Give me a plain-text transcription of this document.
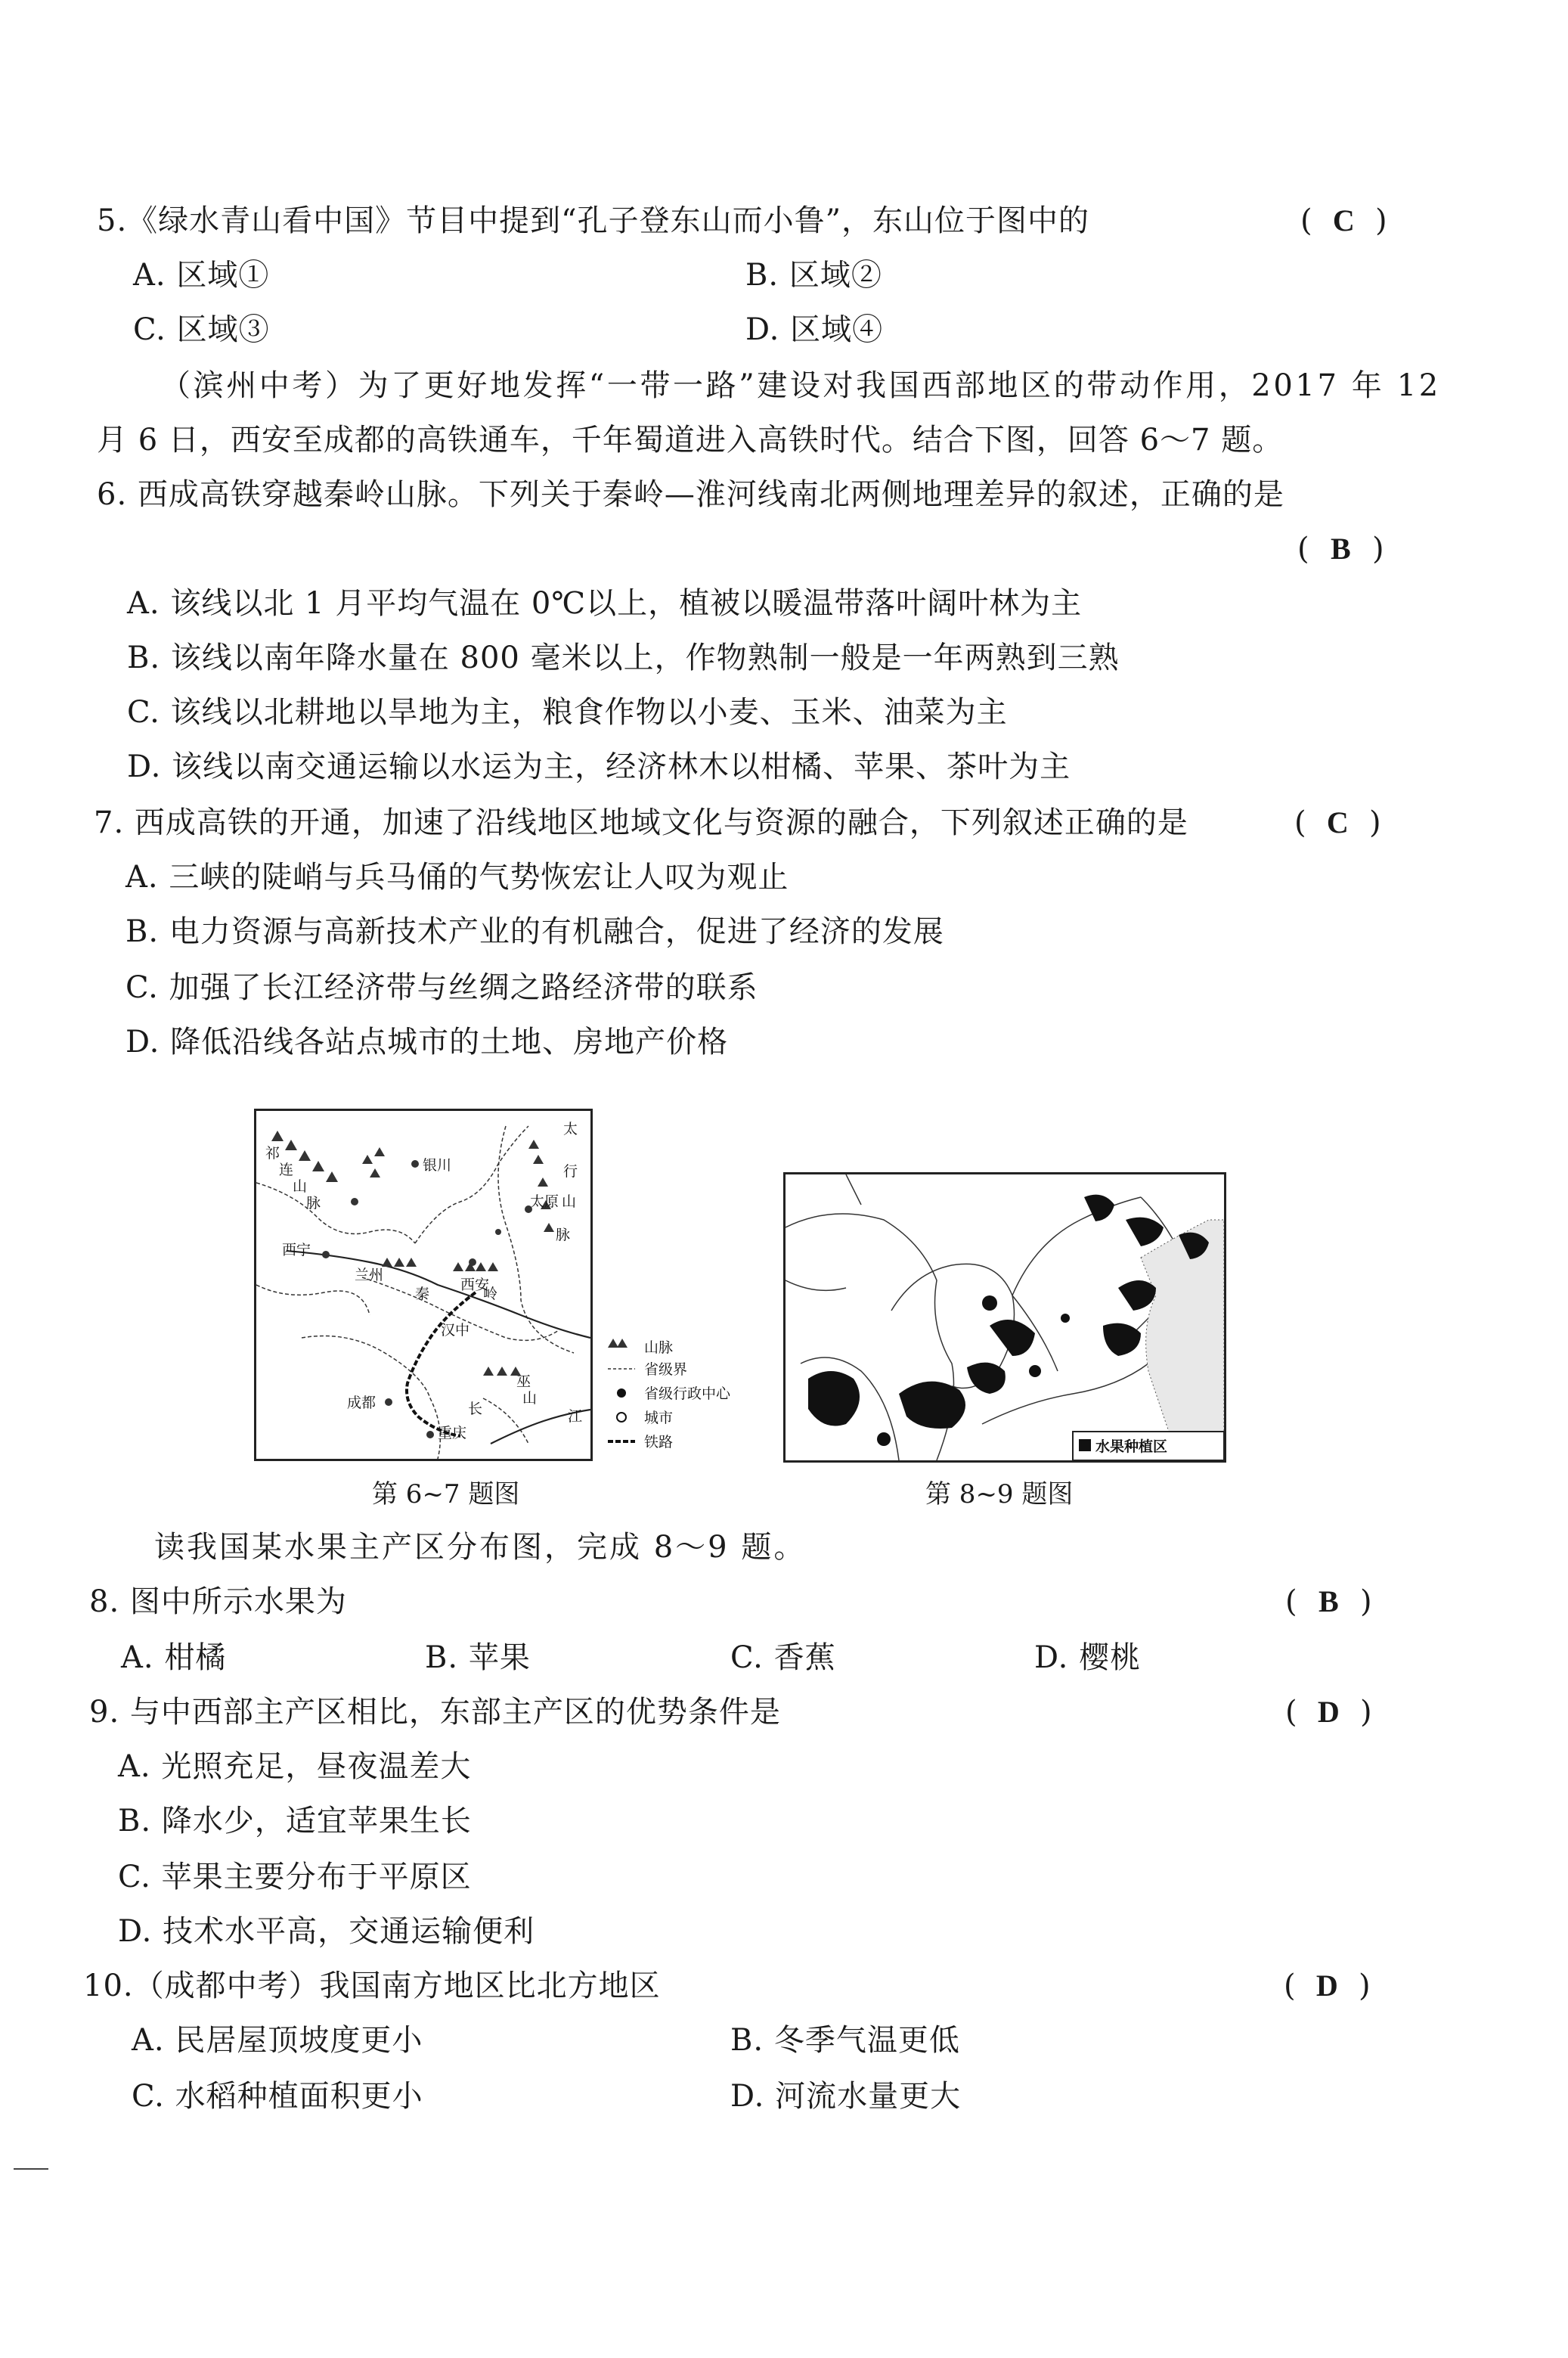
5.《绿水青山看中国》节目中提到“孔子登东山而小鲁”，东山位于图中的	( C )
A. 区域①	B. 区域②
C. 区域③	D. 区域④
（滨州中考）为了更好地发挥“一带一路”建设对我国西部地区的带动作用，2017 年 12
月 6 日，西安至成都的高铁通车，千年蜀道进入高铁时代。结合下图，回答 6～7 题。
6. 西成高铁穿越秦岭山脉。下列关于秦岭—淮河线南北两侧地理差异的叙述，正确的是
( B )
A. 该线以北 1 月平均气温在 0℃以上，植被以暖温带落叶阔叶林为主
B. 该线以南年降水量在 800 毫米以上，作物熟制一般是一年两熟到三熟
C. 该线以北耕地以旱地为主，粮食作物以小麦、玉米、油菜为主
D. 该线以南交通运输以水运为主，经济林木以柑橘、苹果、茶叶为主
7. 西成高铁的开通，加速了沿线地区地域文化与资源的融合，下列叙述正确的是	( C )
A. 三峡的陡峭与兵马俑的气势恢宏让人叹为观止
B. 电力资源与高新技术产业的有机融合，促进了经济的发展
C. 加强了长江经济带与丝绸之路经济带的联系
D. 降低沿线各站点城市的土地、房地产价格
祁
连
山
脉
太
行
山
脉
银川
太原
西宁
兰州
秦	岭
西安
汉中
成都
重庆
巫
山
长	江
山脉
省级界
省级行政中心
城市
铁路	水果种植区
第 6~7 题图	第 8~9 题图
读我国某水果主产区分布图，完成 8～9 题。
8. 图中所示水果为	( B )
A. 柑橘	B. 苹果	C. 香蕉	D. 樱桃
9. 与中西部主产区相比，东部主产区的优势条件是	( D )
A. 光照充足，昼夜温差大
B. 降水少，适宜苹果生长
C. 苹果主要分布于平原区
D. 技术水平高，交通运输便利
10.（成都中考）我国南方地区比北方地区	( D )
A. 民居屋顶坡度更小	B. 冬季气温更低
C. 水稻种植面积更小	D. 河流水量更大
